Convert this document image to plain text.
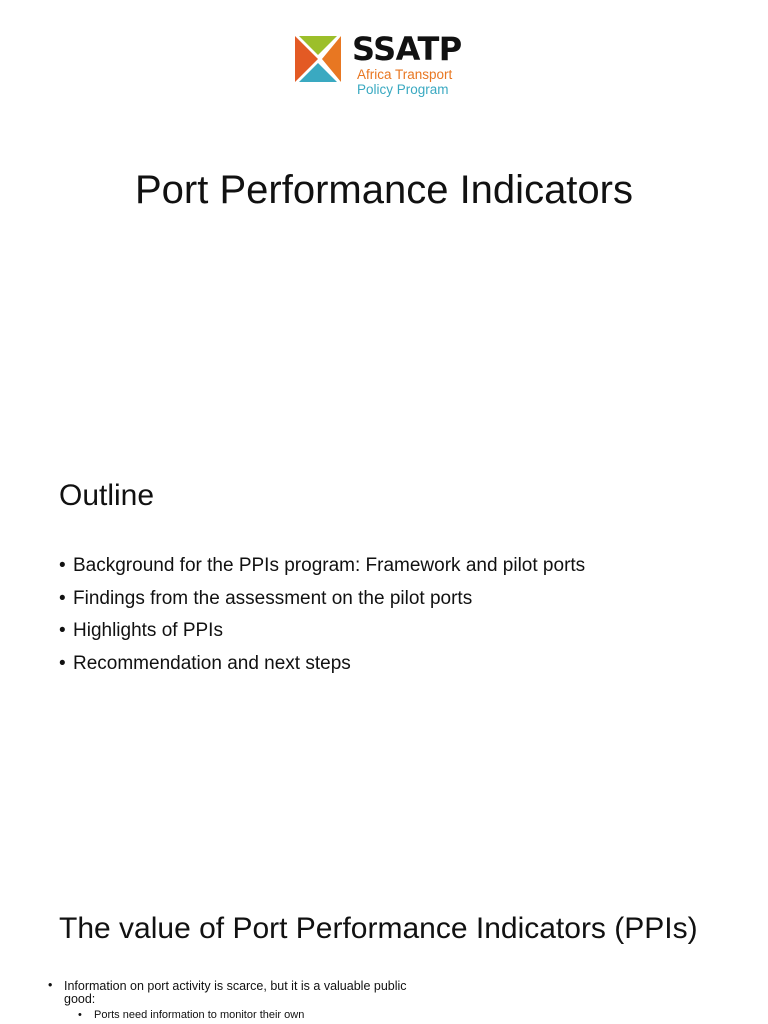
SSATP
Africa Transport
Policy Program
Port Performance Indicators
Outline
• Background for the PPIs program: Framework and pilot ports
• Findings from the assessment on the pilot ports
• Highlights of PPIs
• Recommendation and next steps
The value of Port Performance Indicators (PPIs)
• Information on port activity is scarce, but it is a valuable public good:
• Ports need information to monitor their own
